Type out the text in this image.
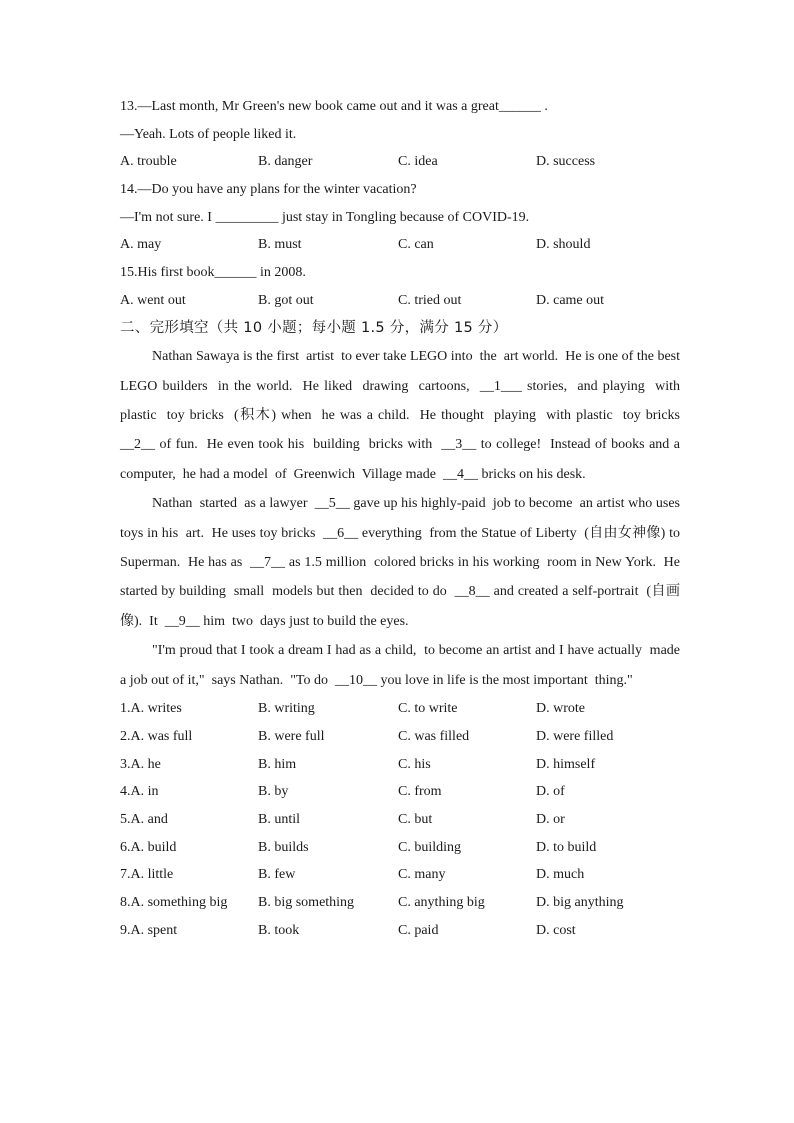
13.—Last month, Mr Green's new book came out and it was a great______ .
—Yeah. Lots of people liked it.
A. trouble	B. danger	C. idea	D. success
14.—Do you have any plans for the winter vacation?
—I'm not sure. I _________ just stay in Tongling because of COVID-19.
A. may	B. must	C. can	D. should
15.His first book______ in 2008.
A. went out	B. got out	C. tried out	D. came out
二、完形填空（共 10 小题；每小题 1.5 分，满分 15 分）
Nathan Sawaya is the first  artist  to ever take LEGO into  the  art world.  He is one of the best LEGO builders  in the world.  He liked  drawing  cartoons,  __1___ stories,  and playing  with  plastic  toy bricks  (积木) when  he was a child.  He thought  playing  with plastic  toy bricks  __2__ of fun.  He even took his  building  bricks with  __3__ to college!  Instead of books and a computer,  he had a model  of  Greenwich  Village made  __4__ bricks on his desk.
Nathan  started  as a lawyer  __5__ gave up his highly-paid  job to become  an artist who uses toys in his  art.  He uses toy bricks  __6__ everything  from the Statue of Liberty  (自由女神像) to Superman.  He has as  __7__ as 1.5 million  colored bricks in his working  room in New York.  He started by building  small  models but then  decided to do  __8__ and created a self-portrait  (自画像).  It  __9__ him  two  days just to build the eyes.
"I'm proud that I took a dream I had as a child,  to become an artist and I have actually  made a job out of it,"  says Nathan.  "To do  __10__ you love in life is the most important  thing."
1.A. writes	B. writing	C. to write	D. wrote
2.A. was full	B. were full	C. was filled	D. were filled
3.A. he	B. him	C. his	D. himself
4.A. in	B. by	C. from	D. of
5.A. and	B. until	C. but	D. or
6.A. build	B. builds	C. building	D. to build
7.A. little	B. few	C. many	D. much
8.A. something big	B. big something	C. anything big	D. big anything
9.A. spent	B. took	C. paid	D. cost
